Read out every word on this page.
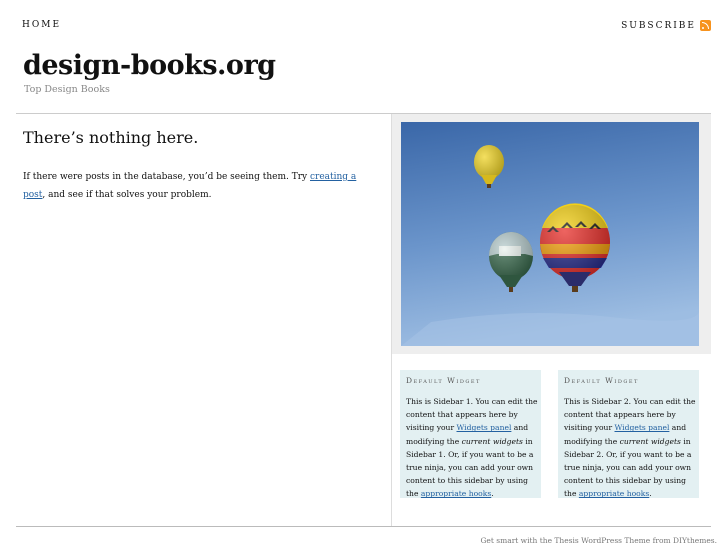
HOME	SUBSCRIBE
design-books.org
Top Design Books
There’s nothing here.

If there were posts in the database, you’d be seeing them. Try creating a post, and see if that solves your problem.

Default Widget

This is Sidebar 1. You can edit the content that appears here by visiting your Widgets panel and modifying the current widgets in Sidebar 1. Or, if you want to be a true ninja, you can add your own content to this sidebar by using the appropriate hooks.

Default Widget

This is Sidebar 2. You can edit the content that appears here by visiting your Widgets panel and modifying the current widgets in Sidebar 2. Or, if you want to be a true ninja, you can add your own content to this sidebar by using the appropriate hooks.

Get smart with the Thesis WordPress Theme from DIYthemes.
